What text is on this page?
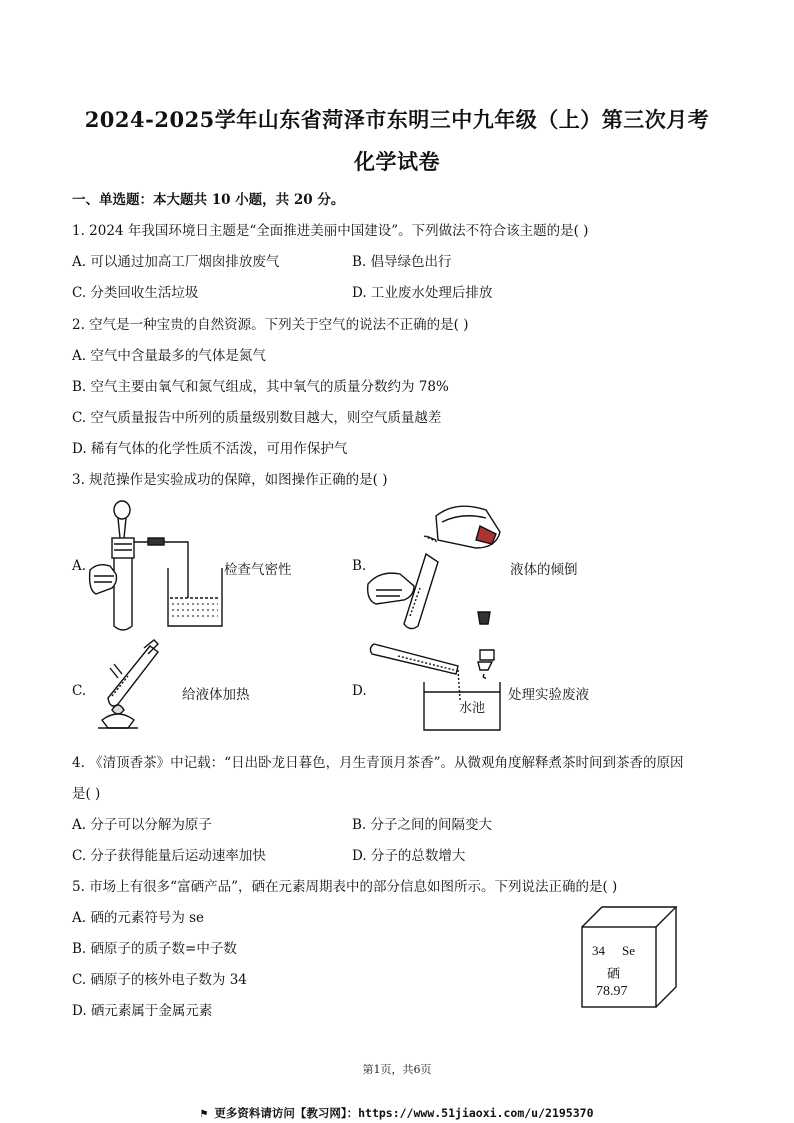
2024-2025学年山东省菏泽市东明三中九年级（上）第三次月考
化学试卷
一、单选题：本大题共 10 小题，共 20 分。
1. 2024 年我国环境日主题是“全面推进美丽中国建设”。下列做法不符合该主题的是( )
A. 可以通过加高工厂烟囱排放废气	B. 倡导绿色出行
C. 分类回收生活垃圾	D. 工业废水处理后排放
2. 空气是一种宝贵的自然资源。下列关于空气的说法不正确的是( )
A. 空气中含量最多的气体是氮气
B. 空气主要由氧气和氮气组成，其中氧气的质量分数约为 78%
C. 空气质量报告中所列的质量级别数目越大，则空气质量越差
D. 稀有气体的化学性质不活泼，可用作保护气
3. 规范操作是实验成功的保障，如图操作正确的是( )
A.	检查气密性	B.	液体的倾倒
C.	给液体加热	D.
水池
处理实验废液
4. 《清顶香茶》中记载：“日出卧龙日暮色，月生青顶月茶香”。从微观角度解释煮茶时间到茶香的原因
是( )
A. 分子可以分解为原子	B. 分子之间的间隔变大
C. 分子获得能量后运动速率加快	D. 分子的总数增大
5. 市场上有很多“富硒产品”，硒在元素周期表中的部分信息如图所示。下列说法正确的是( )
A. 硒的元素符号为 se
B. 硒原子的质子数=中子数
C. 硒原子的核外电子数为 34
D. 硒元素属于金属元素
34 Se
硒
78.97
第1页，共6页
⚑ 更多资料请访问【教习网】：https://www.51jiaoxi.com/u/2195370
